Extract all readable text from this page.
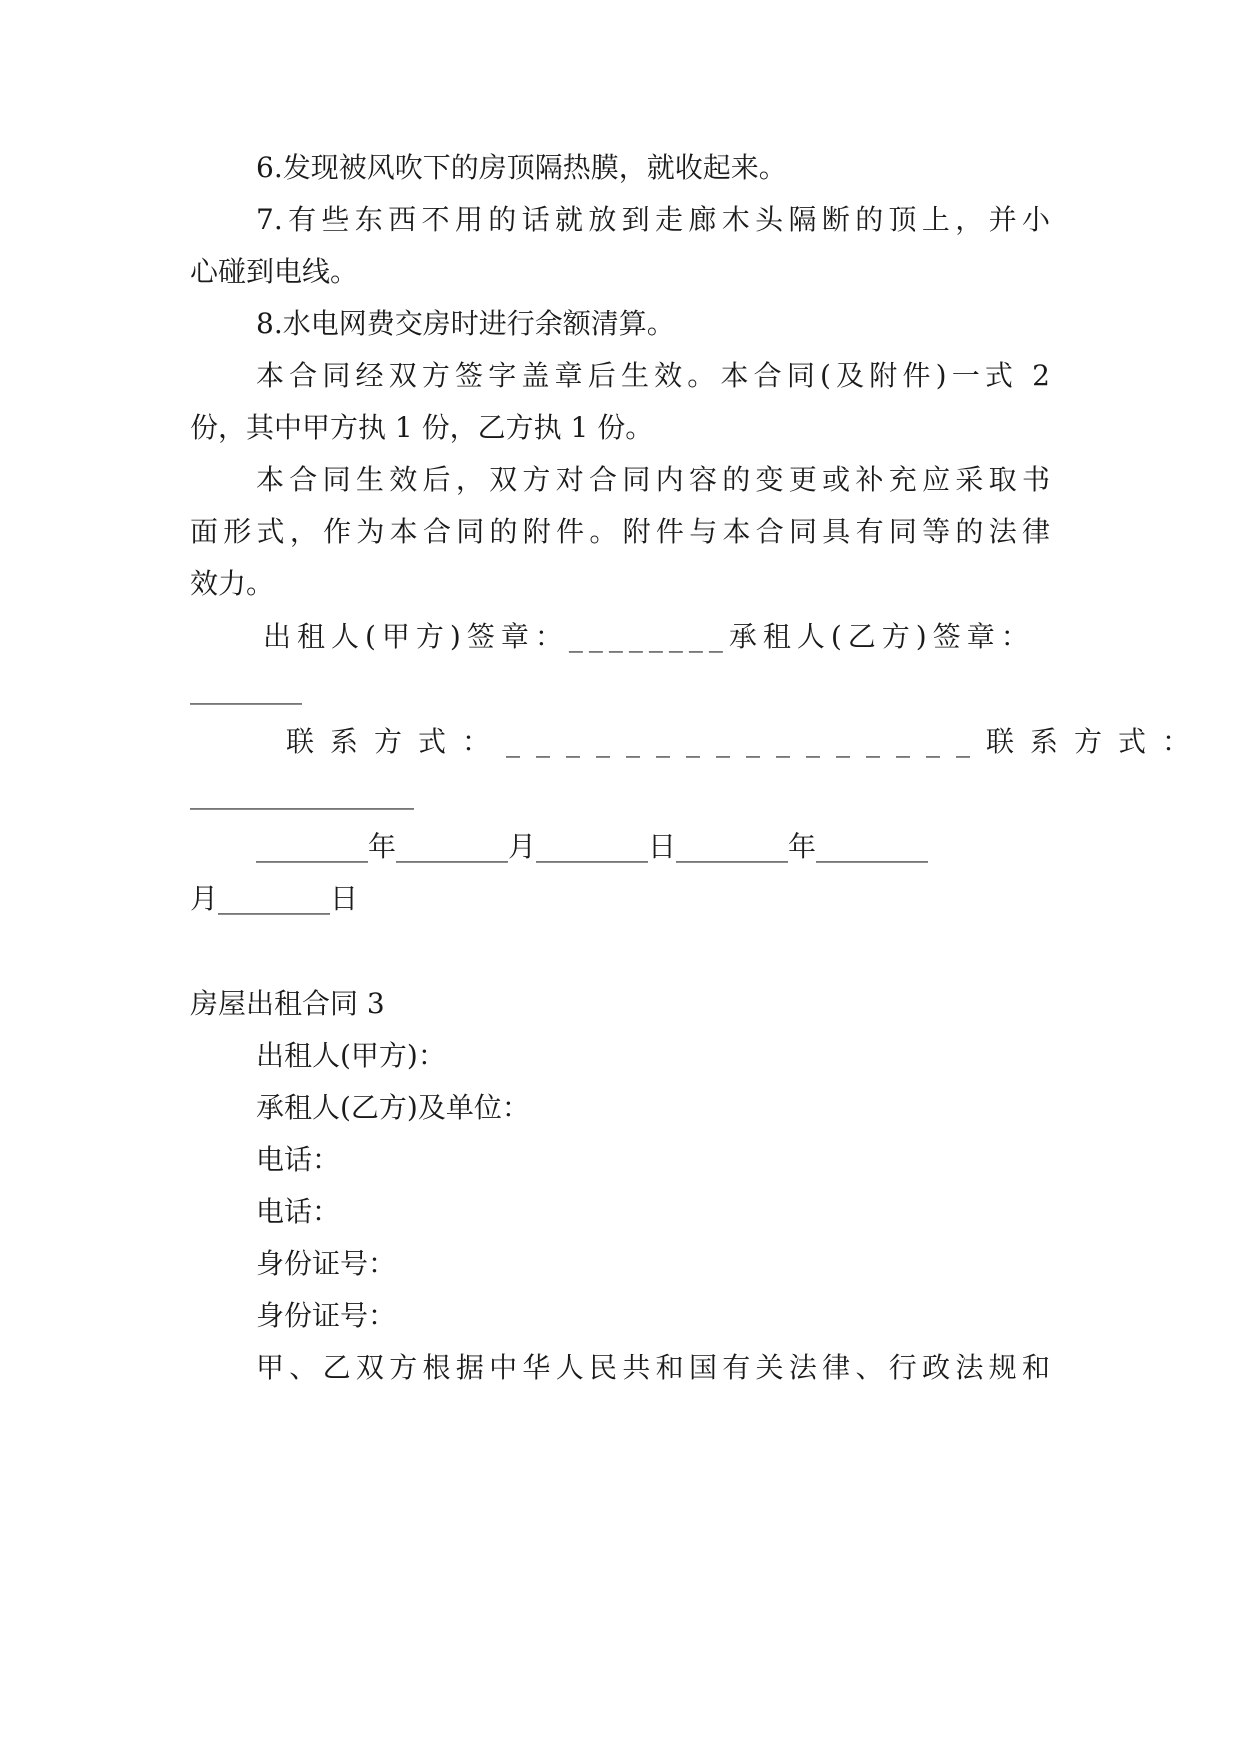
6.发现被风吹下的房顶隔热膜，就收起来。
7.有些东西不用的话就放到走廊木头隔断的顶上，并小
心碰到电线。
8.水电网费交房时进行余额清算。
本合同经双方签字盖章后生效。本合同(及附件)一式 2
份，其中甲方执 1 份，乙方执 1 份。
本合同生效后，双方对合同内容的变更或补充应采取书
面形式，作为本合同的附件。附件与本合同具有同等的法律
效力。
出租人(甲方)签章：________承租人(乙方)签章：
________
联系方式：________________联系方式：
________________
________年________月________日________年________
月________日
房屋出租合同 3
出租人(甲方)：
承租人(乙方)及单位：
电话：
电话：
身份证号：
身份证号：
甲、乙双方根据中华人民共和国有关法律、行政法规和
